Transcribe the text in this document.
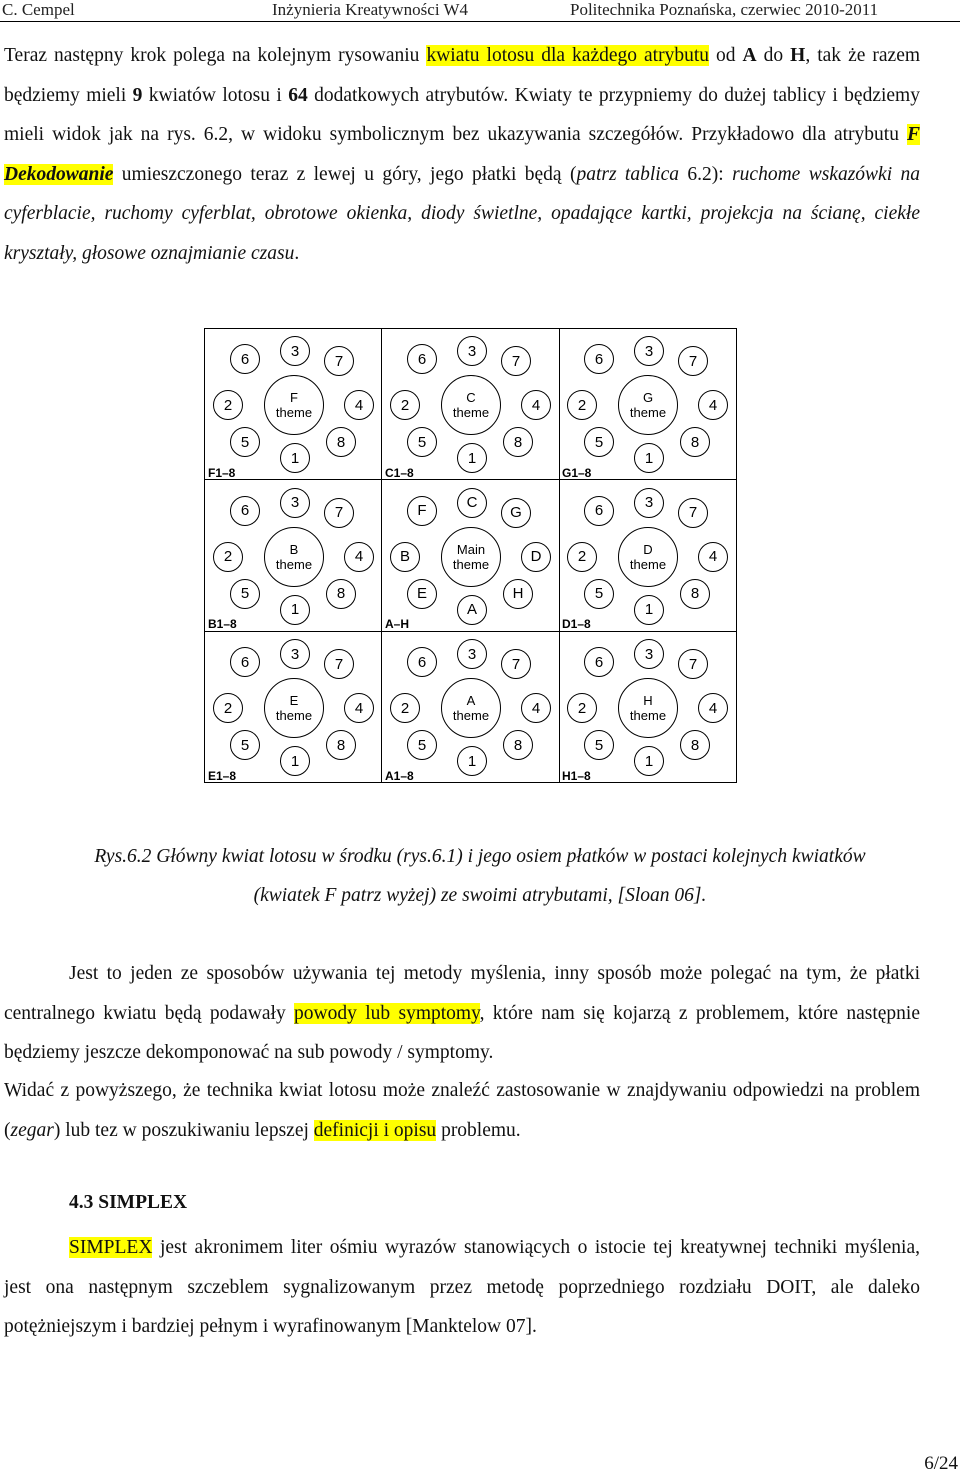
C. Cempel	Inżynieria Kreatywności W4	Politechnika Poznańska, czerwiec 2010-2011

Teraz następny krok polega na kolejnym rysowaniu kwiatu lotosu dla każdego atrybutu od A do H, tak że razem będziemy mieli 9 kwiatów lotosu i 64 dodatkowych atrybutów. Kwiaty te przypniemy do dużej tablicy i będziemy mieli widok jak na rys. 6.2, w widoku symbolicznym bez ukazywania szczegółów. Przykładowo dla atrybutu F Dekodowanie umieszczonego teraz z lewej u góry, jego płatki będą (patrz tablica 6.2): ruchome wskazówki na cyferblacie, ruchomy cyferblat, obrotowe okienka, diody świetlne, opadające kartki, projekcja na ścianę, ciekłe kryształy, głosowe oznajmianie czasu.

6	3
7
2	4
5
1
8
F
theme
F1–8
6	3
7
2	4
5
1
8
C
theme
C1–8
6	3
7
2	4
5
1
8
G
theme
G1–8
6	3
7
2	4
5
1
8
B
theme
B1–8
F	C
G
B	D
E
A
H
Main
theme
A–H
6	3
7
2	4
5
1
8
D
theme
D1–8
6	3
7
2	4
5
1
8
E
theme
E1–8
6	3
7
2	4
5
1
8
A
theme
A1–8
6	3
7
2	4
5
1
8
H
theme
H1–8

Rys.6.2 Główny kwiat lotosu w środku (rys.6.1) i jego osiem płatków w postaci kolejnych kwiatków

(kwiatek F patrz wyżej) ze swoimi atrybutami, [Sloan 06].

Jest to jeden ze sposobów używania tej metody myślenia, inny sposób może polegać na tym, że płatki centralnego kwiatu będą podawały powody lub symptomy, które nam się kojarzą z problemem, które następnie będziemy jeszcze dekomponować na sub powody / symptomy.

Widać z powyższego, że technika kwiat lotosu może znaleźć zastosowanie w znajdywaniu odpowiedzi na problem (zegar) lub tez w poszukiwaniu lepszej definicji i opisu problemu.

4.3 SIMPLEX

SIMPLEX jest akronimem liter ośmiu wyrazów stanowiących o istocie tej kreatywnej techniki myślenia, jest ona następnym szczeblem sygnalizowanym przez metodę poprzedniego rozdziału DOIT, ale daleko potężniejszym i bardziej pełnym i wyrafinowanym [Manktelow 07].

6/24
